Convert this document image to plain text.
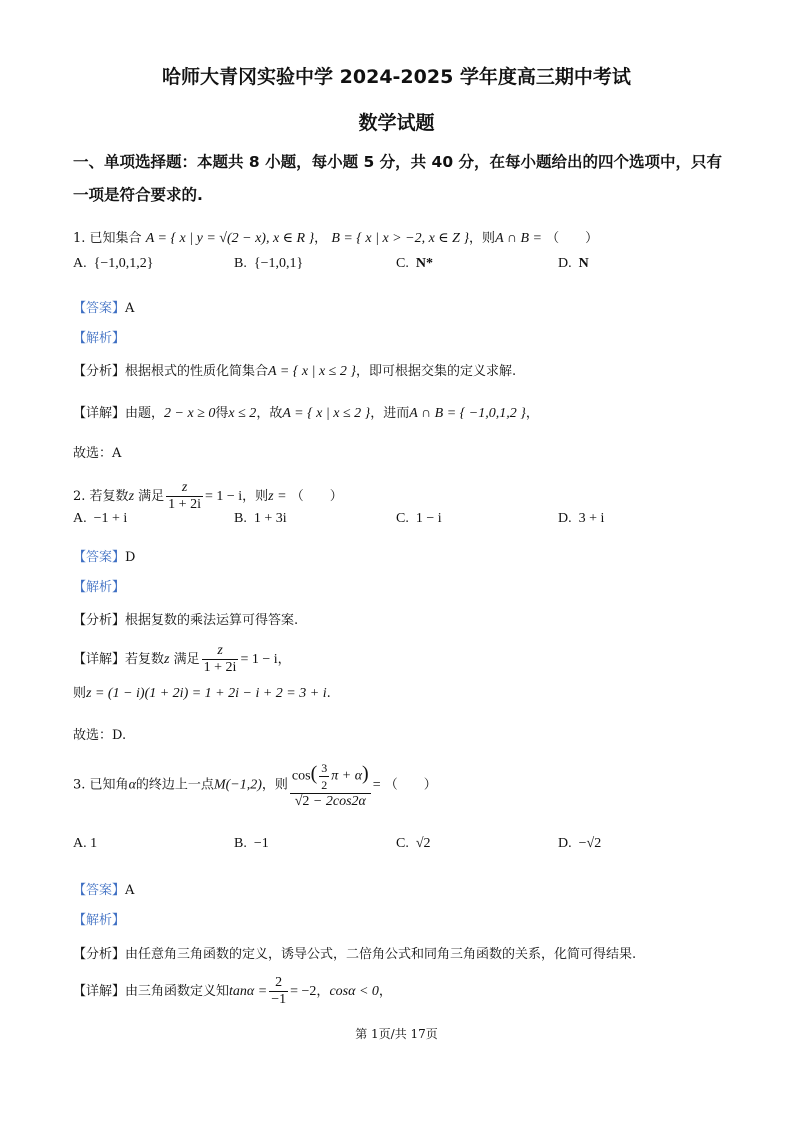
哈师大青冈实验中学 2024-2025 学年度高三期中考试
数学试题
一、单项选择题：本题共 8 小题，每小题 5 分，共 40 分，在每小题给出的四个选项中，只有
一项是符合要求的.
1. 已知集合 A = { x | y = √(2 − x), x ∈ R }， B = { x | x > −2, x ∈ Z }，则A ∩ B = （　　）
A. {−1,0,1,2}	B. {−1,0,1}	C. N*	D. N
【答案】A
【解析】
【分析】根据根式的性质化简集合A = { x | x ≤ 2 }，即可根据交集的定义求解.
【详解】由题，2 − x ≥ 0得x ≤ 2，故A = { x | x ≤ 2 }，进而A ∩ B = { −1,0,1,2 }，
故选：A
2. 若复数z 满足 $\frac{z}{1 + 2i} = 1 - i$，则z = （　　）
A. −1 + i	B. 1 + 3i	C. 1 − i	D. 3 + i
【答案】D
【解析】
【分析】根据复数的乘法运算可得答案.
【详解】若复数z 满足 $\frac{z}{1 + 2i} = 1 - i$，
则z = (1 − i)(1 + 2i) = 1 + 2i − i + 2 = 3 + i.
故选：D.
3. 已知角α的终边上一点M(−1,2)，则 $\frac{\cos( \frac{3}{2} \pi + \alpha)}{√2 - 2\cos 2\alpha}$ = （　　）
A. 1	B. −1	C. √2	D. −√2
【答案】A
【解析】
【分析】由任意角三角函数的定义，诱导公式，二倍角公式和同角三角函数的关系，化简可得结果.
【详解】由三角函数定义知$\tan\alpha = \frac{2}{-1} = -2$，cosα < 0，
第 1页/共 17页
